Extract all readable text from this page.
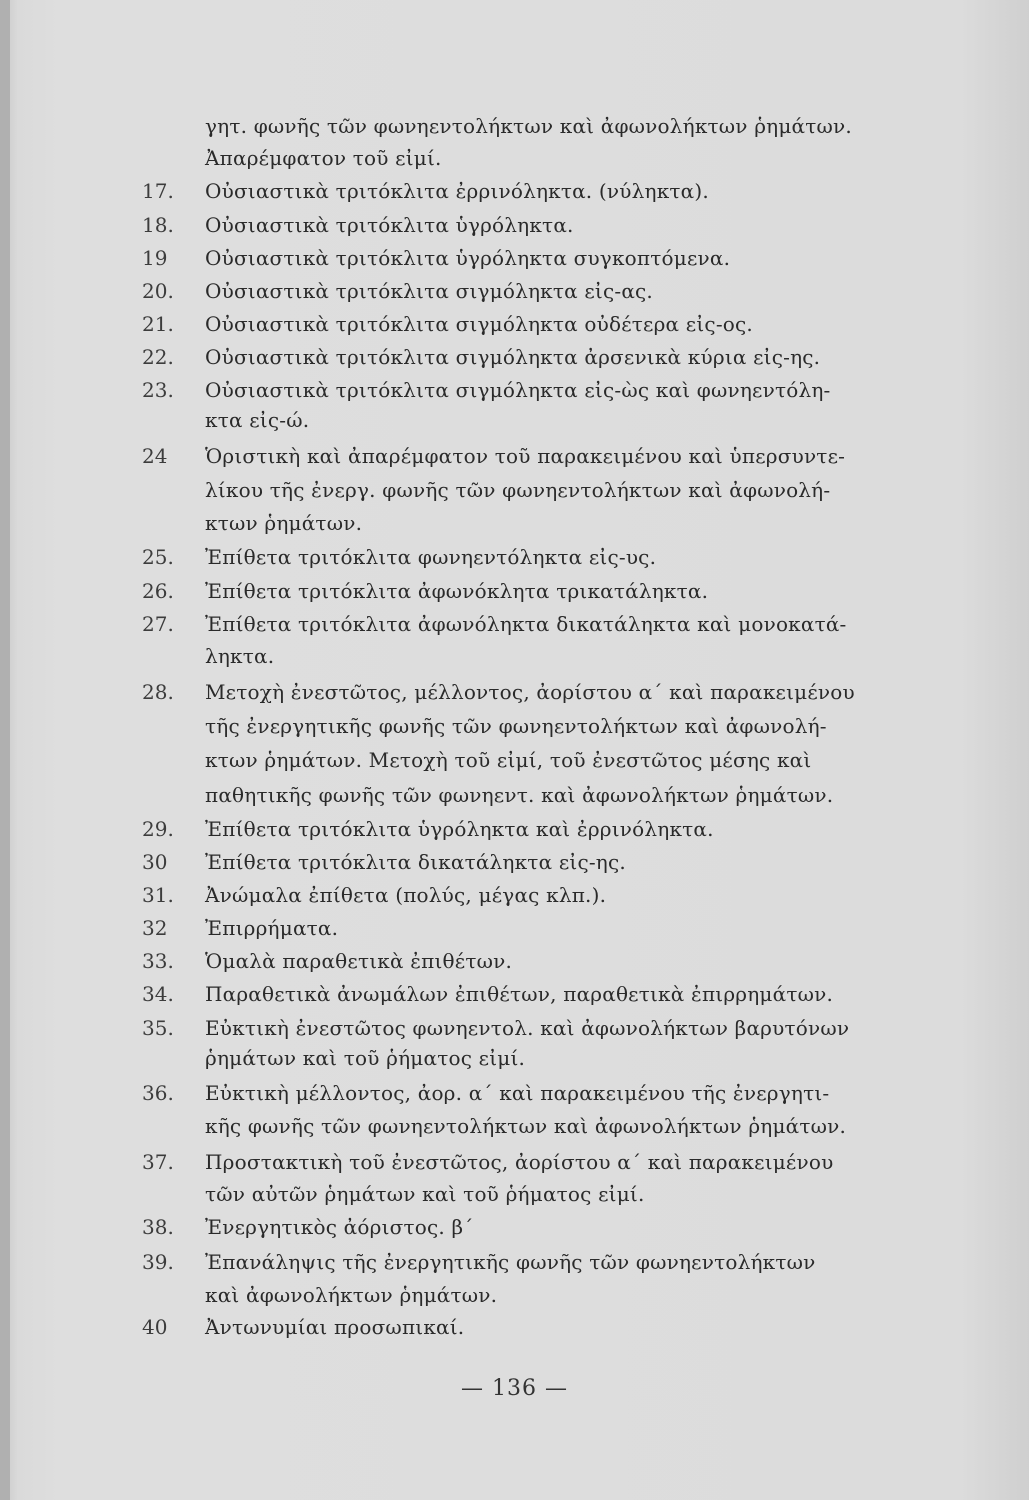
γητ. φωνῆς τῶν φωνηεντολήκτων καὶ ἀφωνολήκτων ῥημάτων.
Ἀπαρέμφατον τοῦ εἰμί.
17.	Οὐσιαστικὰ τριτόκλιτα ἐρρινόληκτα. (νύληκτα).
18.	Οὐσιαστικὰ τριτόκλιτα ὑγρόληκτα.
19	Οὐσιαστικὰ τριτόκλιτα ὑγρόληκτα συγκοπτόμενα.
20.	Οὐσιαστικὰ τριτόκλιτα σιγμόληκτα εἰς-ας.
21.	Οὐσιαστικὰ τριτόκλιτα σιγμόληκτα οὐδέτερα εἰς-ος.
22.	Οὐσιαστικὰ τριτόκλιτα σιγμόληκτα ἀρσενικὰ κύρια εἰς-ης.
23.	Οὐσιαστικὰ τριτόκλιτα σιγμόληκτα εἰς-ὼς καὶ φωνηεντόλη-
κτα εἰς-ώ.
24	Ὁριστικὴ καὶ ἀπαρέμφατον τοῦ παρακειμένου καὶ ὑπερσυντε-
λίκου τῆς ἐνεργ. φωνῆς τῶν φωνηεντολήκτων καὶ ἀφωνολή-
κτων ῥημάτων.
25.	Ἐπίθετα τριτόκλιτα φωνηεντόληκτα εἰς-υς.
26.	Ἐπίθετα τριτόκλιτα ἀφωνόκλητα τρικατάληκτα.
27.	Ἐπίθετα τριτόκλιτα ἀφωνόληκτα δικατάληκτα καὶ μονοκατά-
ληκτα.
28.	Μετοχὴ ἐνεστῶτος, μέλλοντος, ἀορίστου α΄ καὶ παρακειμένου
τῆς ἐνεργητικῆς φωνῆς τῶν φωνηεντολήκτων καὶ ἀφωνολή-
κτων ῥημάτων. Μετοχὴ τοῦ εἰμί, τοῦ ἐνεστῶτος μέσης καὶ
παθητικῆς φωνῆς τῶν φωνηεντ. καὶ ἀφωνολήκτων ῥημάτων.
29.	Ἐπίθετα τριτόκλιτα ὑγρόληκτα καὶ ἐρρινόληκτα.
30	Ἐπίθετα τριτόκλιτα δικατάληκτα εἰς-ης.
31.	Ἀνώμαλα ἐπίθετα (πολύς, μέγας κλπ.).
32	Ἐπιρρήματα.
33.	Ὁμαλὰ παραθετικὰ ἐπιθέτων.
34.	Παραθετικὰ ἀνωμάλων ἐπιθέτων, παραθετικὰ ἐπιρρημάτων.
35.	Εὐκτικὴ ἐνεστῶτος φωνηεντολ. καὶ ἀφωνολήκτων βαρυτόνων
ῥημάτων καὶ τοῦ ῥήματος εἰμί.
36.	Εὐκτικὴ μέλλοντος, ἀορ. α΄ καὶ παρακειμένου τῆς ἐνεργητι-
κῆς φωνῆς τῶν φωνηεντολήκτων καὶ ἀφωνολήκτων ῥημάτων.
37.	Προστακτικὴ τοῦ ἐνεστῶτος, ἀορίστου α΄ καὶ παρακειμένου
τῶν αὐτῶν ῥημάτων καὶ τοῦ ῥήματος εἰμί.
38.	Ἐνεργητικὸς ἀόριστος. β΄
39.	Ἐπανάληψις τῆς ἐνεργητικῆς φωνῆς τῶν φωνηεντολήκτων
καὶ ἀφωνολήκτων ῥημάτων.
40	Ἀντωνυμίαι προσωπικαί.
— 136 —
